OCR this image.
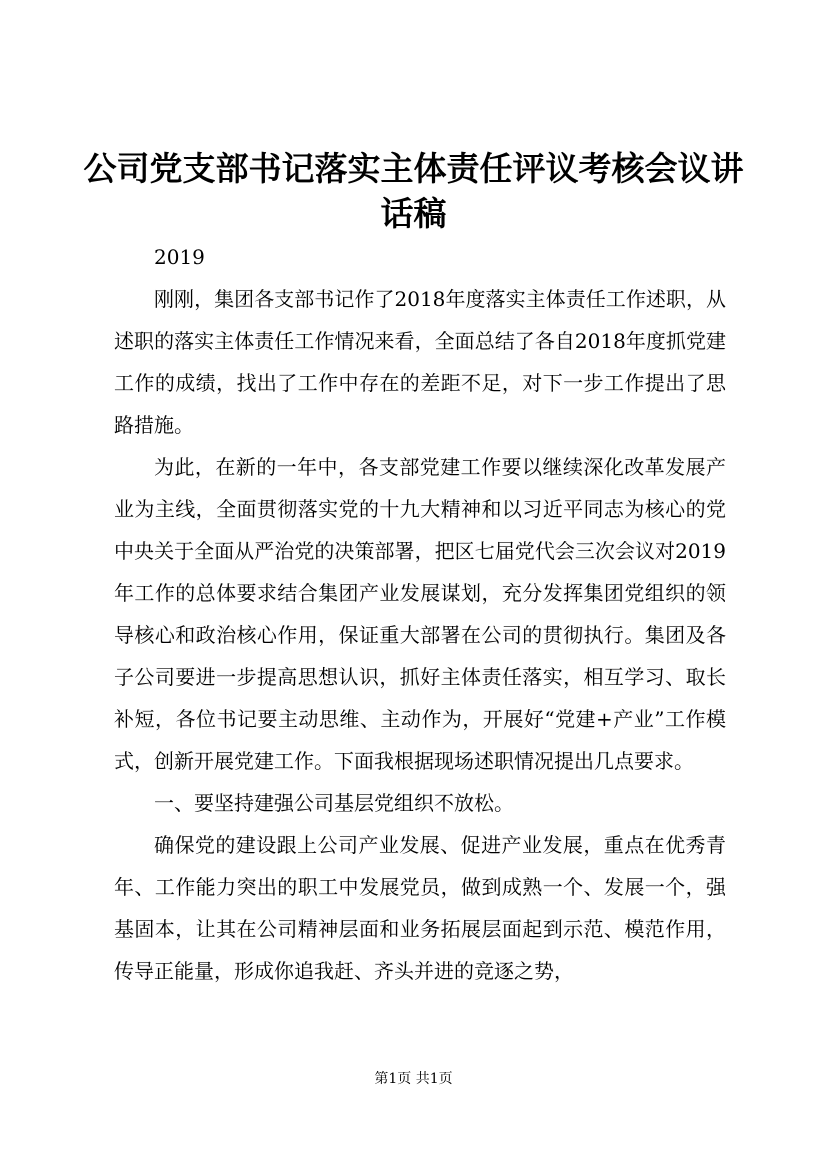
公司党支部书记落实主体责任评议考核会议讲话稿

2019

刚刚，集团各支部书记作了2018年度落实主体责任工作述职，从述职的落实主体责任工作情况来看，全面总结了各自2018年度抓党建工作的成绩，找出了工作中存在的差距不足，对下一步工作提出了思路措施。

为此，在新的一年中，各支部党建工作要以继续深化改革发展产业为主线，全面贯彻落实党的十九大精神和以习近平同志为核心的党中央关于全面从严治党的决策部署，把区七届党代会三次会议对2019年工作的总体要求结合集团产业发展谋划，充分发挥集团党组织的领导核心和政治核心作用，保证重大部署在公司的贯彻执行。集团及各子公司要进一步提高思想认识，抓好主体责任落实，相互学习、取长补短，各位书记要主动思维、主动作为，开展好“党建+产业”工作模式，创新开展党建工作。下面我根据现场述职情况提出几点要求。

一、要坚持建强公司基层党组织不放松。

确保党的建设跟上公司产业发展、促进产业发展，重点在优秀青年、工作能力突出的职工中发展党员，做到成熟一个、发展一个，强基固本，让其在公司精神层面和业务拓展层面起到示范、模范作用，传导正能量，形成你追我赶、齐头并进的竞逐之势，

第1页 共1页
